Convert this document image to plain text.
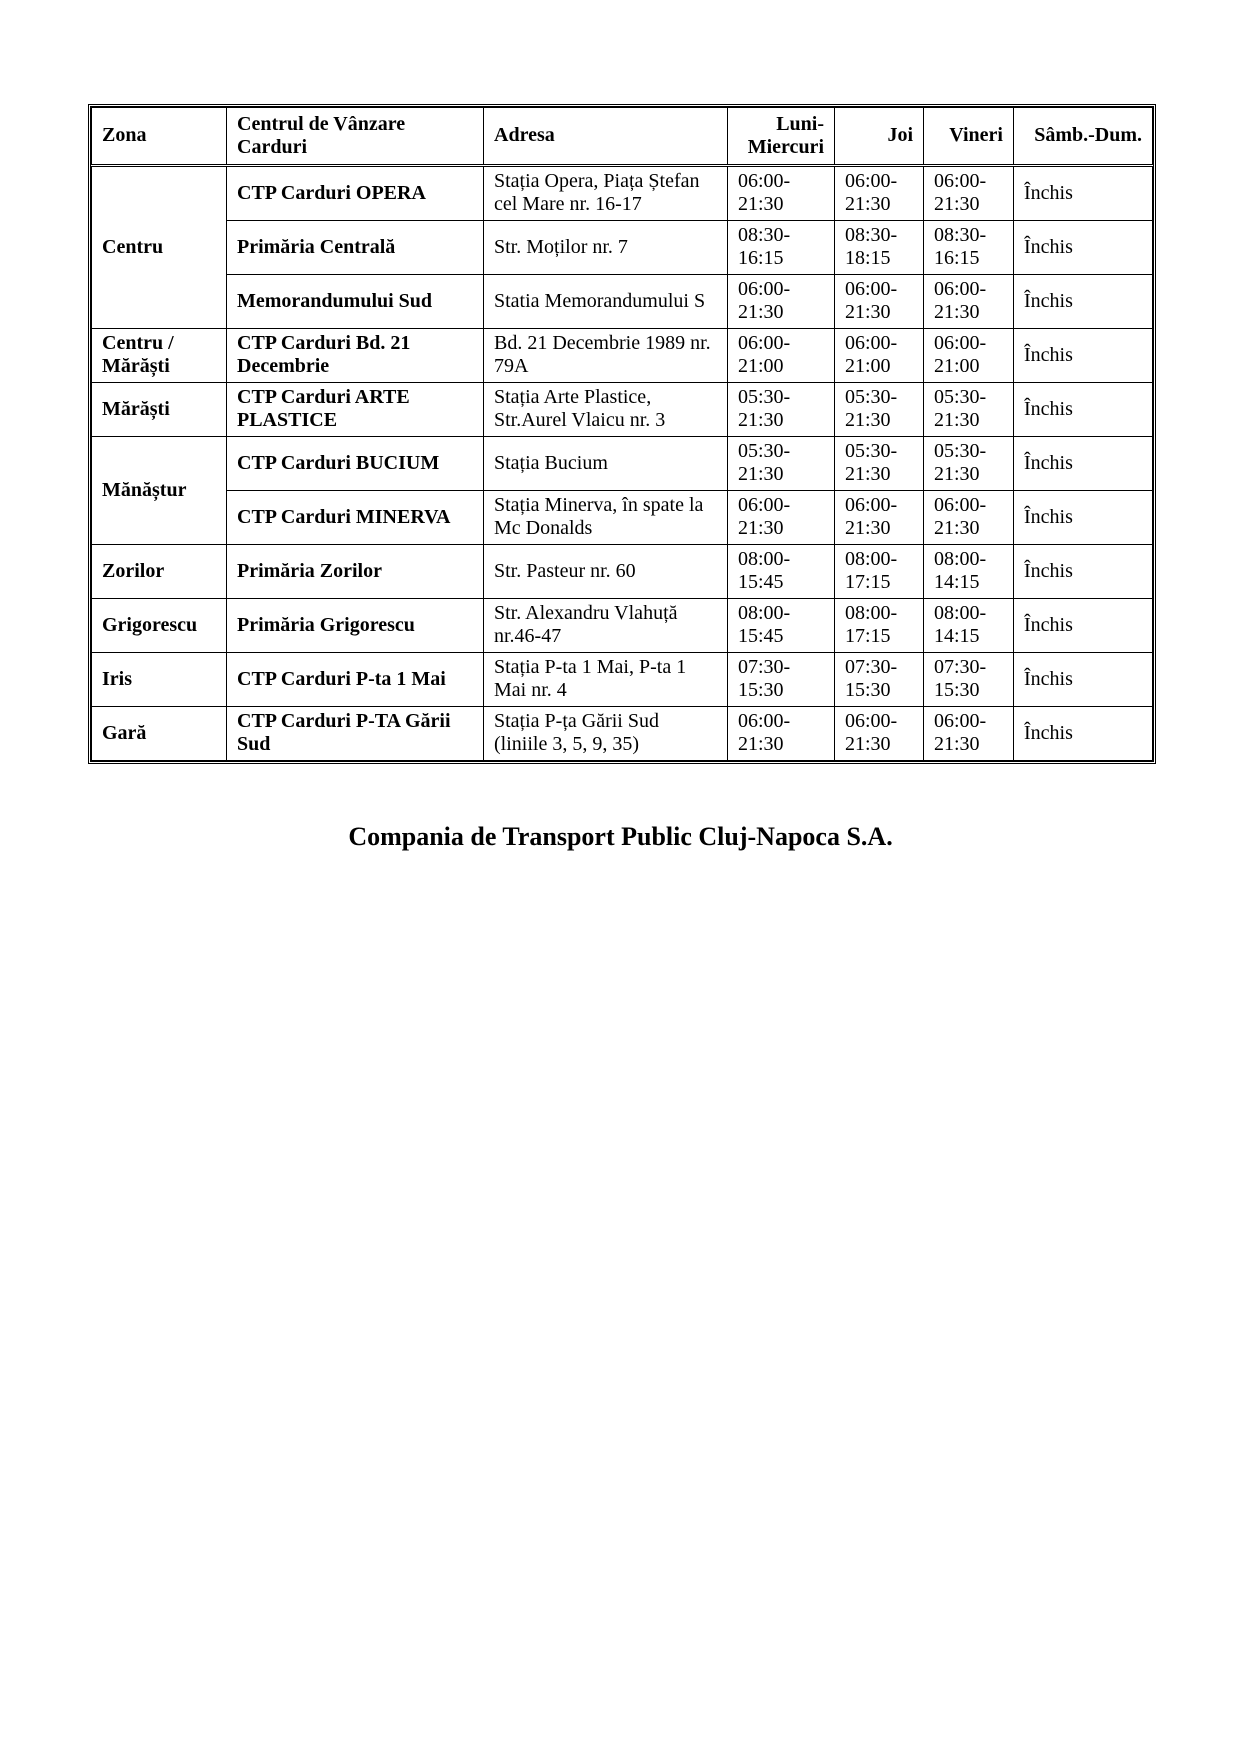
Zona	Centrul de Vânzare Carduri	Adresa	Luni-Miercuri	Joi	Vineri	Sâmb.-Dum.
Centru	CTP Carduri OPERA	Stația Opera, Piața Ștefan cel Mare nr. 16-17	06:00-21:30	06:00-21:30	06:00-21:30	Închis
	Primăria Centrală	Str. Moților nr. 7	08:30-16:15	08:30-18:15	08:30-16:15	Închis
	Memorandumului Sud	Statia Memorandumului S	06:00-21:30	06:00-21:30	06:00-21:30	Închis
Centru / Mărăști	CTP Carduri Bd. 21 Decembrie	Bd. 21 Decembrie 1989 nr. 79A	06:00-21:00	06:00-21:00	06:00-21:00	Închis
Mărăști	CTP Carduri ARTE PLASTICE	Stația Arte Plastice, Str.Aurel Vlaicu nr. 3	05:30-21:30	05:30-21:30	05:30-21:30	Închis
Mănăștur	CTP Carduri BUCIUM	Stația Bucium	05:30-21:30	05:30-21:30	05:30-21:30	Închis
	CTP Carduri MINERVA	Stația Minerva, în spate la Mc Donalds	06:00-21:30	06:00-21:30	06:00-21:30	Închis
Zorilor	Primăria Zorilor	Str. Pasteur nr. 60	08:00-15:45	08:00-17:15	08:00-14:15	Închis
Grigorescu	Primăria Grigorescu	Str. Alexandru Vlahuță nr.46-47	08:00-15:45	08:00-17:15	08:00-14:15	Închis
Iris	CTP Carduri P-ta 1 Mai	Stația P-ta 1 Mai, P-ta 1 Mai nr. 4	07:30-15:30	07:30-15:30	07:30-15:30	Închis
Gară	CTP Carduri P-TA Gării Sud	Stația P-ța Gării Sud (liniile 3, 5, 9, 35)	06:00-21:30	06:00-21:30	06:00-21:30	Închis
Compania de Transport Public Cluj-Napoca S.A.
